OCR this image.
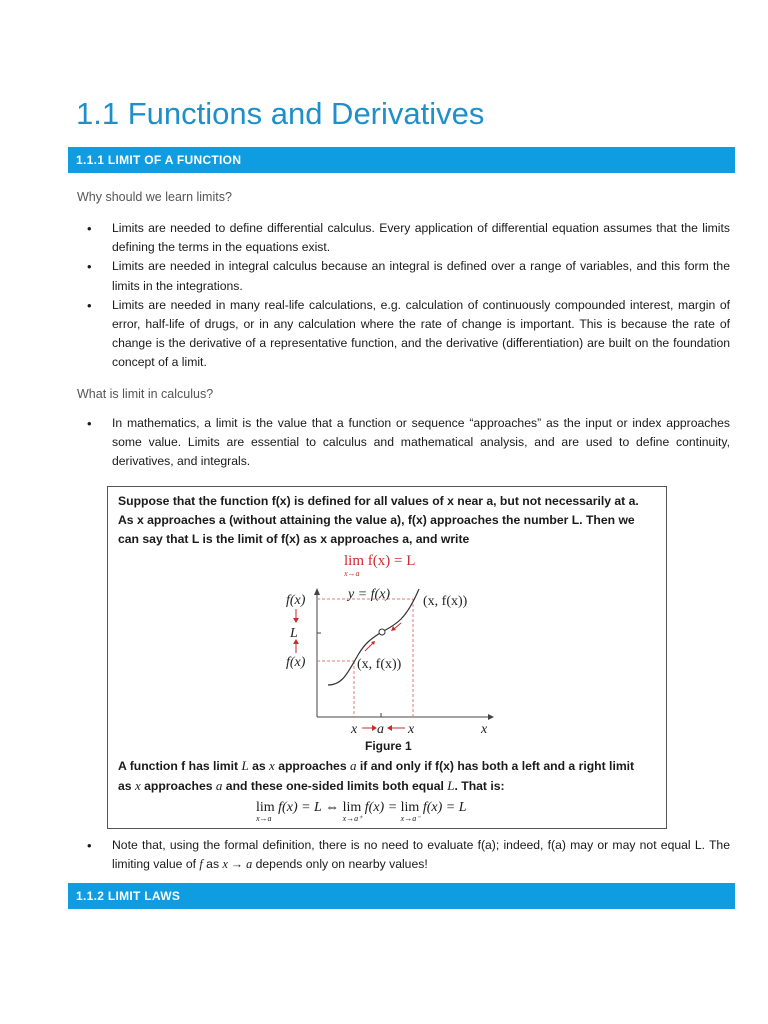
1.1 Functions and Derivatives
1.1.1 LIMIT OF A FUNCTION
Why should we learn limits?
• Limits are needed to define differential calculus. Every application of differential equation assumes that the limits defining the terms in the equations exist.
• Limits are needed in integral calculus because an integral is defined over a range of variables, and this form the limits in the integrations.
• Limits are needed in many real-life calculations, e.g. calculation of continuously compounded interest, margin of error, half-life of drugs, or in any calculation where the rate of change is important. This is because the rate of change is the derivative of a representative function, and the derivative (differentiation) are built on the foundation concept of a limit.
What is limit in calculus?
• In mathematics, a limit is the value that a function or sequence “approaches” as the input or index approaches some value. Limits are essential to calculus and mathematical analysis, and are used to define continuity, derivatives, and integrals.
Suppose that the function f(x) is defined for all values of x near a, but not necessarily at a. As x approaches a (without attaining the value a), f(x) approaches the number L. Then we can say that L is the limit of f(x) as x approaches a, and write
lim f(x) = L
x→a
y = f(x)
f(x)
L
f(x)
(x, f(x))
(x, f(x))
x a x	x
Figure 1
A function f has limit L as x approaches a if and only if f(x) has both a left and a right limit as x approaches a and these one-sided limits both equal L. That is:
lim
x→a
f(x) = L ⇔ lim
x→a⁺
f(x) = lim
x→a⁻
f(x) = L
• Note that, using the formal definition, there is no need to evaluate f(a); indeed, f(a) may or may not equal L. The limiting value of f as x → a depends only on nearby values!
1.1.2 LIMIT LAWS
